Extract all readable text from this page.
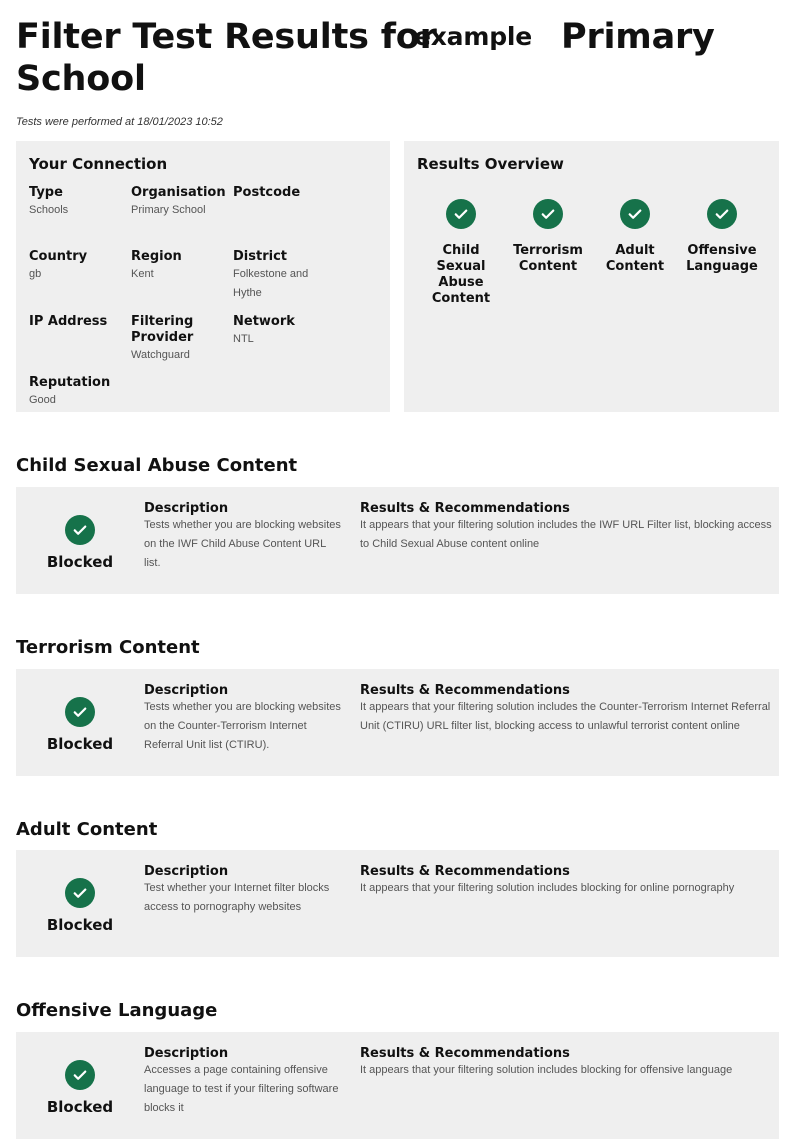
Filter Test Results for
example Primary
School
Tests were performed at 18/01/2023 10:52
Your Connection
Type
Schools
Organisation
Primary School
Postcode
Country
gb
Region
Kent
District
Folkestone and Hythe
IP Address	Filtering Provider
Watchguard
Network
NTL
Reputation
Good
Results Overview
Child Sexual Abuse Content
Terrorism Content
Adult Content
Offensive Language
Child Sexual Abuse Content
Blocked
Description

Tests whether you are blocking websites on the IWF Child Abuse Content URL list.

Results & Recommendations

It appears that your filtering solution includes the IWF URL Filter list, blocking access to Child Sexual Abuse content online

Terrorism Content
Blocked
Description

Tests whether you are blocking websites on the Counter-Terrorism Internet Referral Unit list (CTIRU).

Results & Recommendations

It appears that your filtering solution includes the Counter-Terrorism Internet Referral Unit (CTIRU) URL filter list, blocking access to unlawful terrorist content online

Adult Content
Blocked
Description

Test whether your Internet filter blocks access to pornography websites

Results & Recommendations

It appears that your filtering solution includes blocking for online pornography

Offensive Language
Blocked
Description

Accesses a page containing offensive language to test if your filtering software blocks it

Results & Recommendations

It appears that your filtering solution includes blocking for offensive language
